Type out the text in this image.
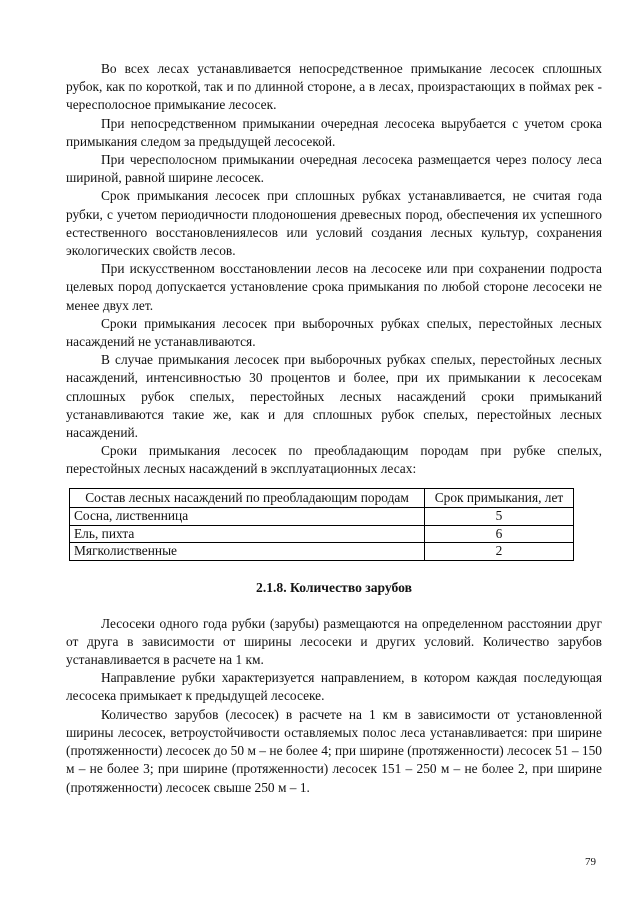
Во всех лесах устанавливается непосредственное примыкание лесосек сплошных рубок, как по короткой, так и по длинной стороне, а в лесах, произрастающих в поймах рек - чересполосное примыкание лесосек.

При непосредственном примыкании очередная лесосека вырубается с учетом срока примыкания следом за предыдущей лесосекой.

При чересполосном примыкании очередная лесосека размещается через полосу леса шириной, равной ширине лесосек.

Срок примыкания лесосек при сплошных рубках устанавливается, не считая года рубки, с учетом периодичности плодоношения древесных пород, обеспечения их успешного естественного восстановлениялесов или условий создания лесных культур, сохранения экологических свойств лесов.

При искусственном восстановлении лесов на лесосеке или при сохранении подроста целевых пород допускается установление срока примыкания по любой стороне лесосеки не менее двух лет.

Сроки примыкания лесосек при выборочных рубках спелых, перестойных лесных насаждений не устанавливаются.

В случае примыкания лесосек при выборочных рубках спелых, перестойных лесных насаждений, интенсивностью 30 процентов и более, при их примыкании к лесосекам сплошных рубок спелых, перестойных лесных насаждений сроки примыканий устанавливаются такие же, как и для сплошных рубок спелых, перестойных лесных насаждений.

Сроки примыкания лесосек по преобладающим породам при рубке спелых, перестойных лесных насаждений в эксплуатационных лесах:

Состав лесных насаждений по преобладающим породам	Срок примыкания, лет
Сосна, лиственница	5
Ель, пихта	6
Мягколиственные	2
2.1.8. Количество зарубов

Лесосеки одного года рубки (зарубы) размещаются на определенном расстоянии друг от друга в зависимости от ширины лесосеки и других условий. Количество зарубов устанавливается в расчете на 1 км.

Направление рубки характеризуется направлением, в котором каждая последующая лесосека примыкает к предыдущей лесосеке.

Количество зарубов (лесосек) в расчете на 1 км в зависимости от установленной ширины лесосек, ветроустойчивости оставляемых полос леса устанавливается: при ширине (протяженности) лесосек до 50 м – не более 4; при ширине (протяженности) лесосек 51 – 150 м – не более 3; при ширине (протяженности) лесосек 151 – 250 м – не более 2, при ширине (протяженности) лесосек свыше 250 м – 1.

79
